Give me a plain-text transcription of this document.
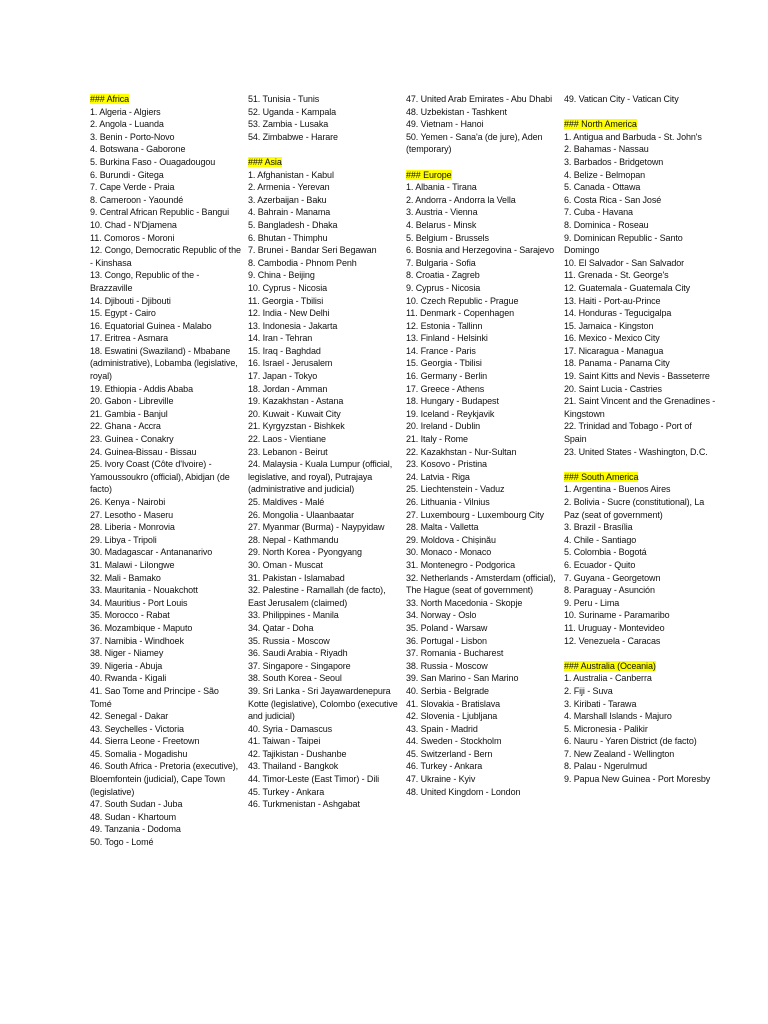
### Africa
1. Algeria - Algiers
2. Angola - Luanda
3. Benin - Porto-Novo
4. Botswana - Gaborone
5. Burkina Faso - Ouagadougou
6. Burundi - Gitega
7. Cape Verde - Praia
8. Cameroon - Yaoundé
9. Central African Republic - Bangui
10. Chad - N'Djamena
11. Comoros - Moroni
12. Congo, Democratic Republic of the - Kinshasa
13. Congo, Republic of the - Brazzaville
14. Djibouti - Djibouti
15. Egypt - Cairo
16. Equatorial Guinea - Malabo
17. Eritrea - Asmara
18. Eswatini (Swaziland) - Mbabane (administrative), Lobamba (legislative, royal)
19. Ethiopia - Addis Ababa
20. Gabon - Libreville
21. Gambia - Banjul
22. Ghana - Accra
23. Guinea - Conakry
24. Guinea-Bissau - Bissau
25. Ivory Coast (Côte d'Ivoire) - Yamoussoukro (official), Abidjan (de facto)
26. Kenya - Nairobi
27. Lesotho - Maseru
28. Liberia - Monrovia
29. Libya - Tripoli
30. Madagascar - Antananarivo
31. Malawi - Lilongwe
32. Mali - Bamako
33. Mauritania - Nouakchott
34. Mauritius - Port Louis
35. Morocco - Rabat
36. Mozambique - Maputo
37. Namibia - Windhoek
38. Niger - Niamey
39. Nigeria - Abuja
40. Rwanda - Kigali
41. Sao Tome and Principe - São Tomé
42. Senegal - Dakar
43. Seychelles - Victoria
44. Sierra Leone - Freetown
45. Somalia - Mogadishu
46. South Africa - Pretoria (executive), Bloemfontein (judicial), Cape Town (legislative)
47. South Sudan - Juba
48. Sudan - Khartoum
49. Tanzania - Dodoma
50. Togo - Lomé
51. Tunisia - Tunis
52. Uganda - Kampala
53. Zambia - Lusaka
54. Zimbabwe - Harare
### Asia
1. Afghanistan - Kabul
2. Armenia - Yerevan
3. Azerbaijan - Baku
4. Bahrain - Manama
5. Bangladesh - Dhaka
6. Bhutan - Thimphu
7. Brunei - Bandar Seri Begawan
8. Cambodia - Phnom Penh
9. China - Beijing
10. Cyprus - Nicosia
11. Georgia - Tbilisi
12. India - New Delhi
13. Indonesia - Jakarta
14. Iran - Tehran
15. Iraq - Baghdad
16. Israel - Jerusalem
17. Japan - Tokyo
18. Jordan - Amman
19. Kazakhstan - Astana
20. Kuwait - Kuwait City
21. Kyrgyzstan - Bishkek
22. Laos - Vientiane
23. Lebanon - Beirut
24. Malaysia - Kuala Lumpur (official, legislative, and royal), Putrajaya (administrative and judicial)
25. Maldives - Malé
26. Mongolia - Ulaanbaatar
27. Myanmar (Burma) - Naypyidaw
28. Nepal - Kathmandu
29. North Korea - Pyongyang
30. Oman - Muscat
31. Pakistan - Islamabad
32. Palestine - Ramallah (de facto), East Jerusalem (claimed)
33. Philippines - Manila
34. Qatar - Doha
35. Russia - Moscow
36. Saudi Arabia - Riyadh
37. Singapore - Singapore
38. South Korea - Seoul
39. Sri Lanka - Sri Jayawardenepura Kotte (legislative), Colombo (executive and judicial)
40. Syria - Damascus
41. Taiwan - Taipei
42. Tajikistan - Dushanbe
43. Thailand - Bangkok
44. Timor-Leste (East Timor) - Dili
45. Turkey - Ankara
46. Turkmenistan - Ashgabat
47. United Arab Emirates - Abu Dhabi
48. Uzbekistan - Tashkent
49. Vietnam - Hanoi
50. Yemen - Sana'a (de jure), Aden (temporary)
### Europe
1. Albania - Tirana
2. Andorra - Andorra la Vella
3. Austria - Vienna
4. Belarus - Minsk
5. Belgium - Brussels
6. Bosnia and Herzegovina - Sarajevo
7. Bulgaria - Sofia
8. Croatia - Zagreb
9. Cyprus - Nicosia
10. Czech Republic - Prague
11. Denmark - Copenhagen
12. Estonia - Tallinn
13. Finland - Helsinki
14. France - Paris
15. Georgia - Tbilisi
16. Germany - Berlin
17. Greece - Athens
18. Hungary - Budapest
19. Iceland - Reykjavik
20. Ireland - Dublin
21. Italy - Rome
22. Kazakhstan - Nur-Sultan
23. Kosovo - Pristina
24. Latvia - Riga
25. Liechtenstein - Vaduz
26. Lithuania - Vilnius
27. Luxembourg - Luxembourg City
28. Malta - Valletta
29. Moldova - Chișinău
30. Monaco - Monaco
31. Montenegro - Podgorica
32. Netherlands - Amsterdam (official), The Hague (seat of government)
33. North Macedonia - Skopje
34. Norway - Oslo
35. Poland - Warsaw
36. Portugal - Lisbon
37. Romania - Bucharest
38. Russia - Moscow
39. San Marino - San Marino
40. Serbia - Belgrade
41. Slovakia - Bratislava
42. Slovenia - Ljubljana
43. Spain - Madrid
44. Sweden - Stockholm
45. Switzerland - Bern
46. Turkey - Ankara
47. Ukraine - Kyiv
48. United Kingdom - London
49. Vatican City - Vatican City
### North America
1. Antigua and Barbuda - St. John's
2. Bahamas - Nassau
3. Barbados - Bridgetown
4. Belize - Belmopan
5. Canada - Ottawa
6. Costa Rica - San José
7. Cuba - Havana
8. Dominica - Roseau
9. Dominican Republic - Santo Domingo
10. El Salvador - San Salvador
11. Grenada - St. George's
12. Guatemala - Guatemala City
13. Haiti - Port-au-Prince
14. Honduras - Tegucigalpa
15. Jamaica - Kingston
16. Mexico - Mexico City
17. Nicaragua - Managua
18. Panama - Panama City
19. Saint Kitts and Nevis - Basseterre
20. Saint Lucia - Castries
21. Saint Vincent and the Grenadines - Kingstown
22. Trinidad and Tobago - Port of Spain
23. United States - Washington, D.C.
### South America
1. Argentina - Buenos Aires
2. Bolivia - Sucre (constitutional), La Paz (seat of government)
3. Brazil - Brasília
4. Chile - Santiago
5. Colombia - Bogotá
6. Ecuador - Quito
7. Guyana - Georgetown
8. Paraguay - Asunción
9. Peru - Lima
10. Suriname - Paramaribo
11. Uruguay - Montevideo
12. Venezuela - Caracas
### Australia (Oceania)
1. Australia - Canberra
2. Fiji - Suva
3. Kiribati - Tarawa
4. Marshall Islands - Majuro
5. Micronesia - Palikir
6. Nauru - Yaren District (de facto)
7. New Zealand - Wellington
8. Palau - Ngerulmud
9. Papua New Guinea - Port Moresby
